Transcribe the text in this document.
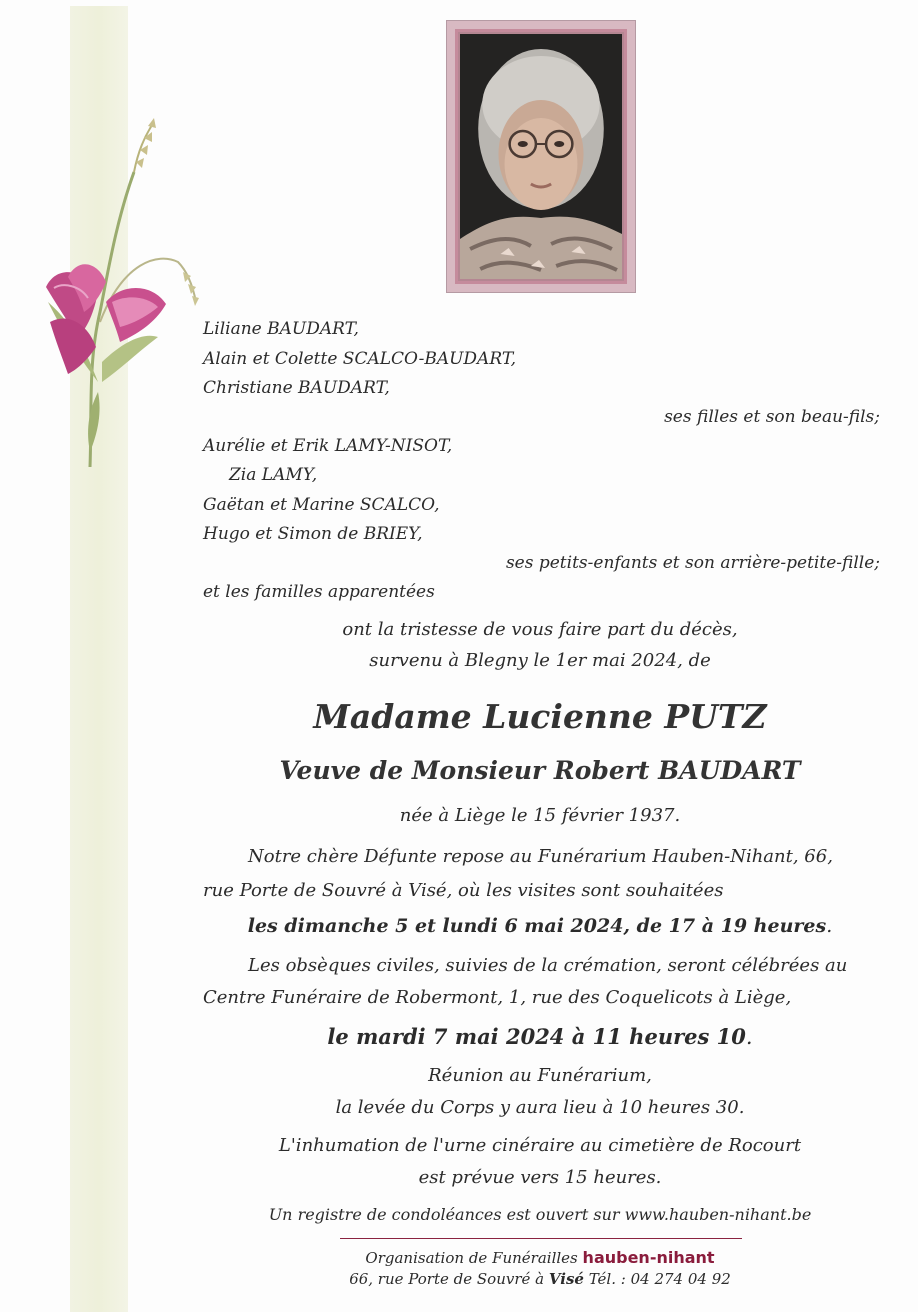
Liliane BAUDART,
Alain et Colette SCALCO-BAUDART,
Christiane BAUDART,
ses filles et son beau-fils;
Aurélie et Erik LAMY-NISOT,
Zia LAMY,
Gaëtan et Marine SCALCO,
Hugo et Simon de BRIEY,
ses petits-enfants et son arrière-petite-fille;
et les familles apparentées
ont la tristesse de vous faire part du décès,
survenu à Blegny le 1er mai 2024, de
Madame Lucienne PUTZ
Veuve de Monsieur Robert BAUDART
née à Liège le 15 février 1937.
Notre chère Défunte repose au Funérarium Hauben-Nihant, 66,
rue Porte de Souvré à Visé, où les visites sont souhaitées
les dimanche 5 et lundi 6 mai 2024, de 17 à 19 heures.
Les obsèques civiles, suivies de la crémation, seront célébrées au
Centre Funéraire de Robermont, 1, rue des Coquelicots à Liège,
le mardi 7 mai 2024 à 11 heures 10.
Réunion au Funérarium,
la levée du Corps y aura lieu à 10 heures 30.
L'inhumation de l'urne cinéraire au cimetière de Rocourt
est prévue vers 15 heures.
Un registre de condoléances est ouvert sur www.hauben-nihant.be
Organisation de Funérailles hauben-nihant
66, rue Porte de Souvré à Visé Tél. : 04 274 04 92
